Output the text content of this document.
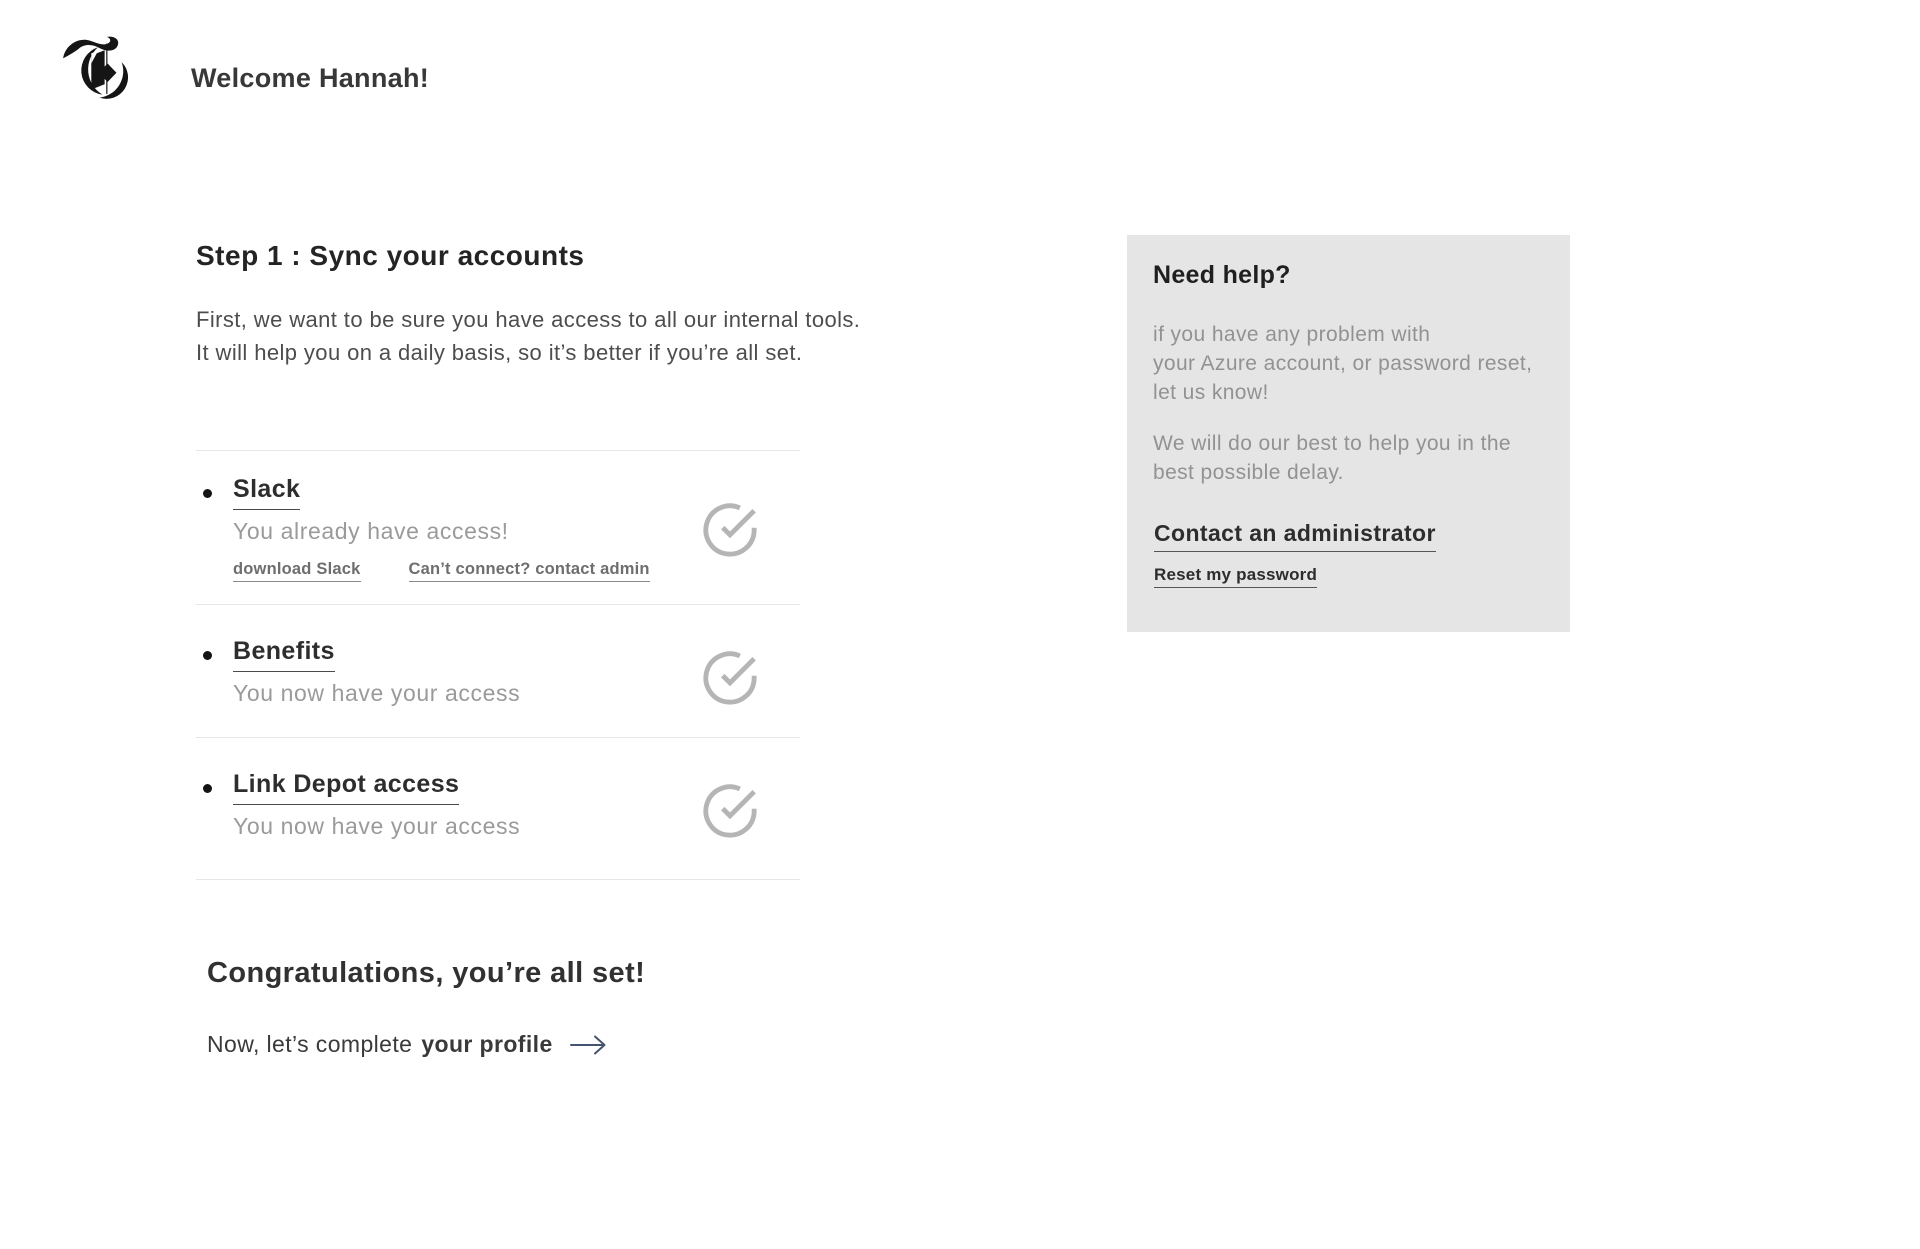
Welcome Hannah!
Step 1 : Sync your accounts
First, we want to be sure you have access to all our internal tools.
It will help you on a daily basis, so it’s better if you’re all set.
Slack
You already have access!
download Slack	Can’t connect? contact admin
Benefits
You now have your access
Link Depot access
You now have your access
Congratulations, you’re all set!
Now, let’s complete your profile
Need help?
if you have any problem with
your Azure account, or password reset,
let us know!
We will do our best to help you in the
best possible delay.
Contact an administrator
Reset my password
